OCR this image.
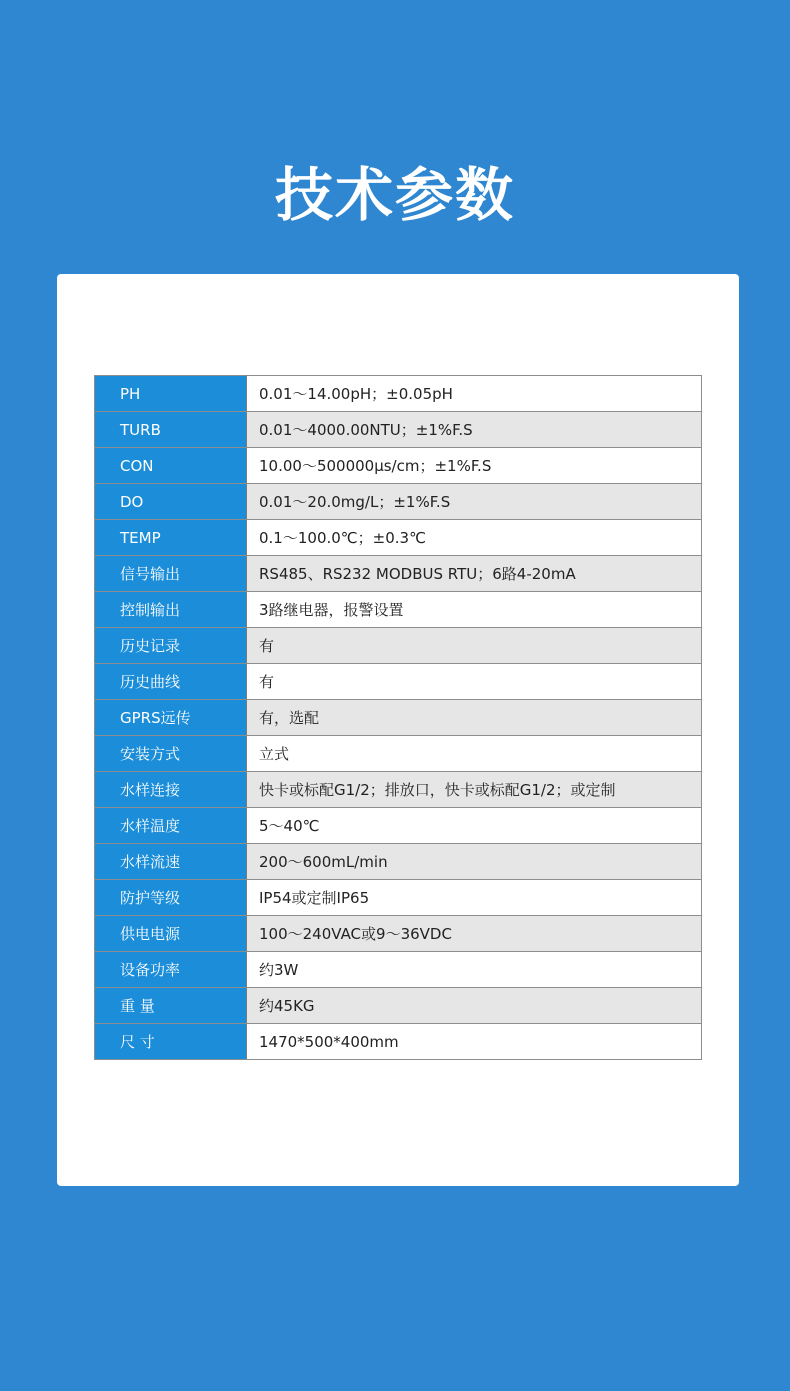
技术参数
PH	0.01～14.00pH；±0.05pH
TURB	0.01～4000.00NTU；±1%F.S
CON	10.00～500000μs/cm；±1%F.S
DO	0.01～20.0mg/L；±1%F.S
TEMP	0.1～100.0℃；±0.3℃
信号输出	RS485、RS232 MODBUS RTU；6路4-20mA
控制输出	3路继电器，报警设置
历史记录	有
历史曲线	有
GPRS远传	有，选配
安装方式	立式
水样连接	快卡或标配G1/2；排放口，快卡或标配G1/2；或定制
水样温度	5～40℃
水样流速	200～600mL/min
防护等级	IP54或定制IP65
供电电源	100～240VAC或9～36VDC
设备功率	约3W
重 量	约45KG
尺 寸	1470*500*400mm
